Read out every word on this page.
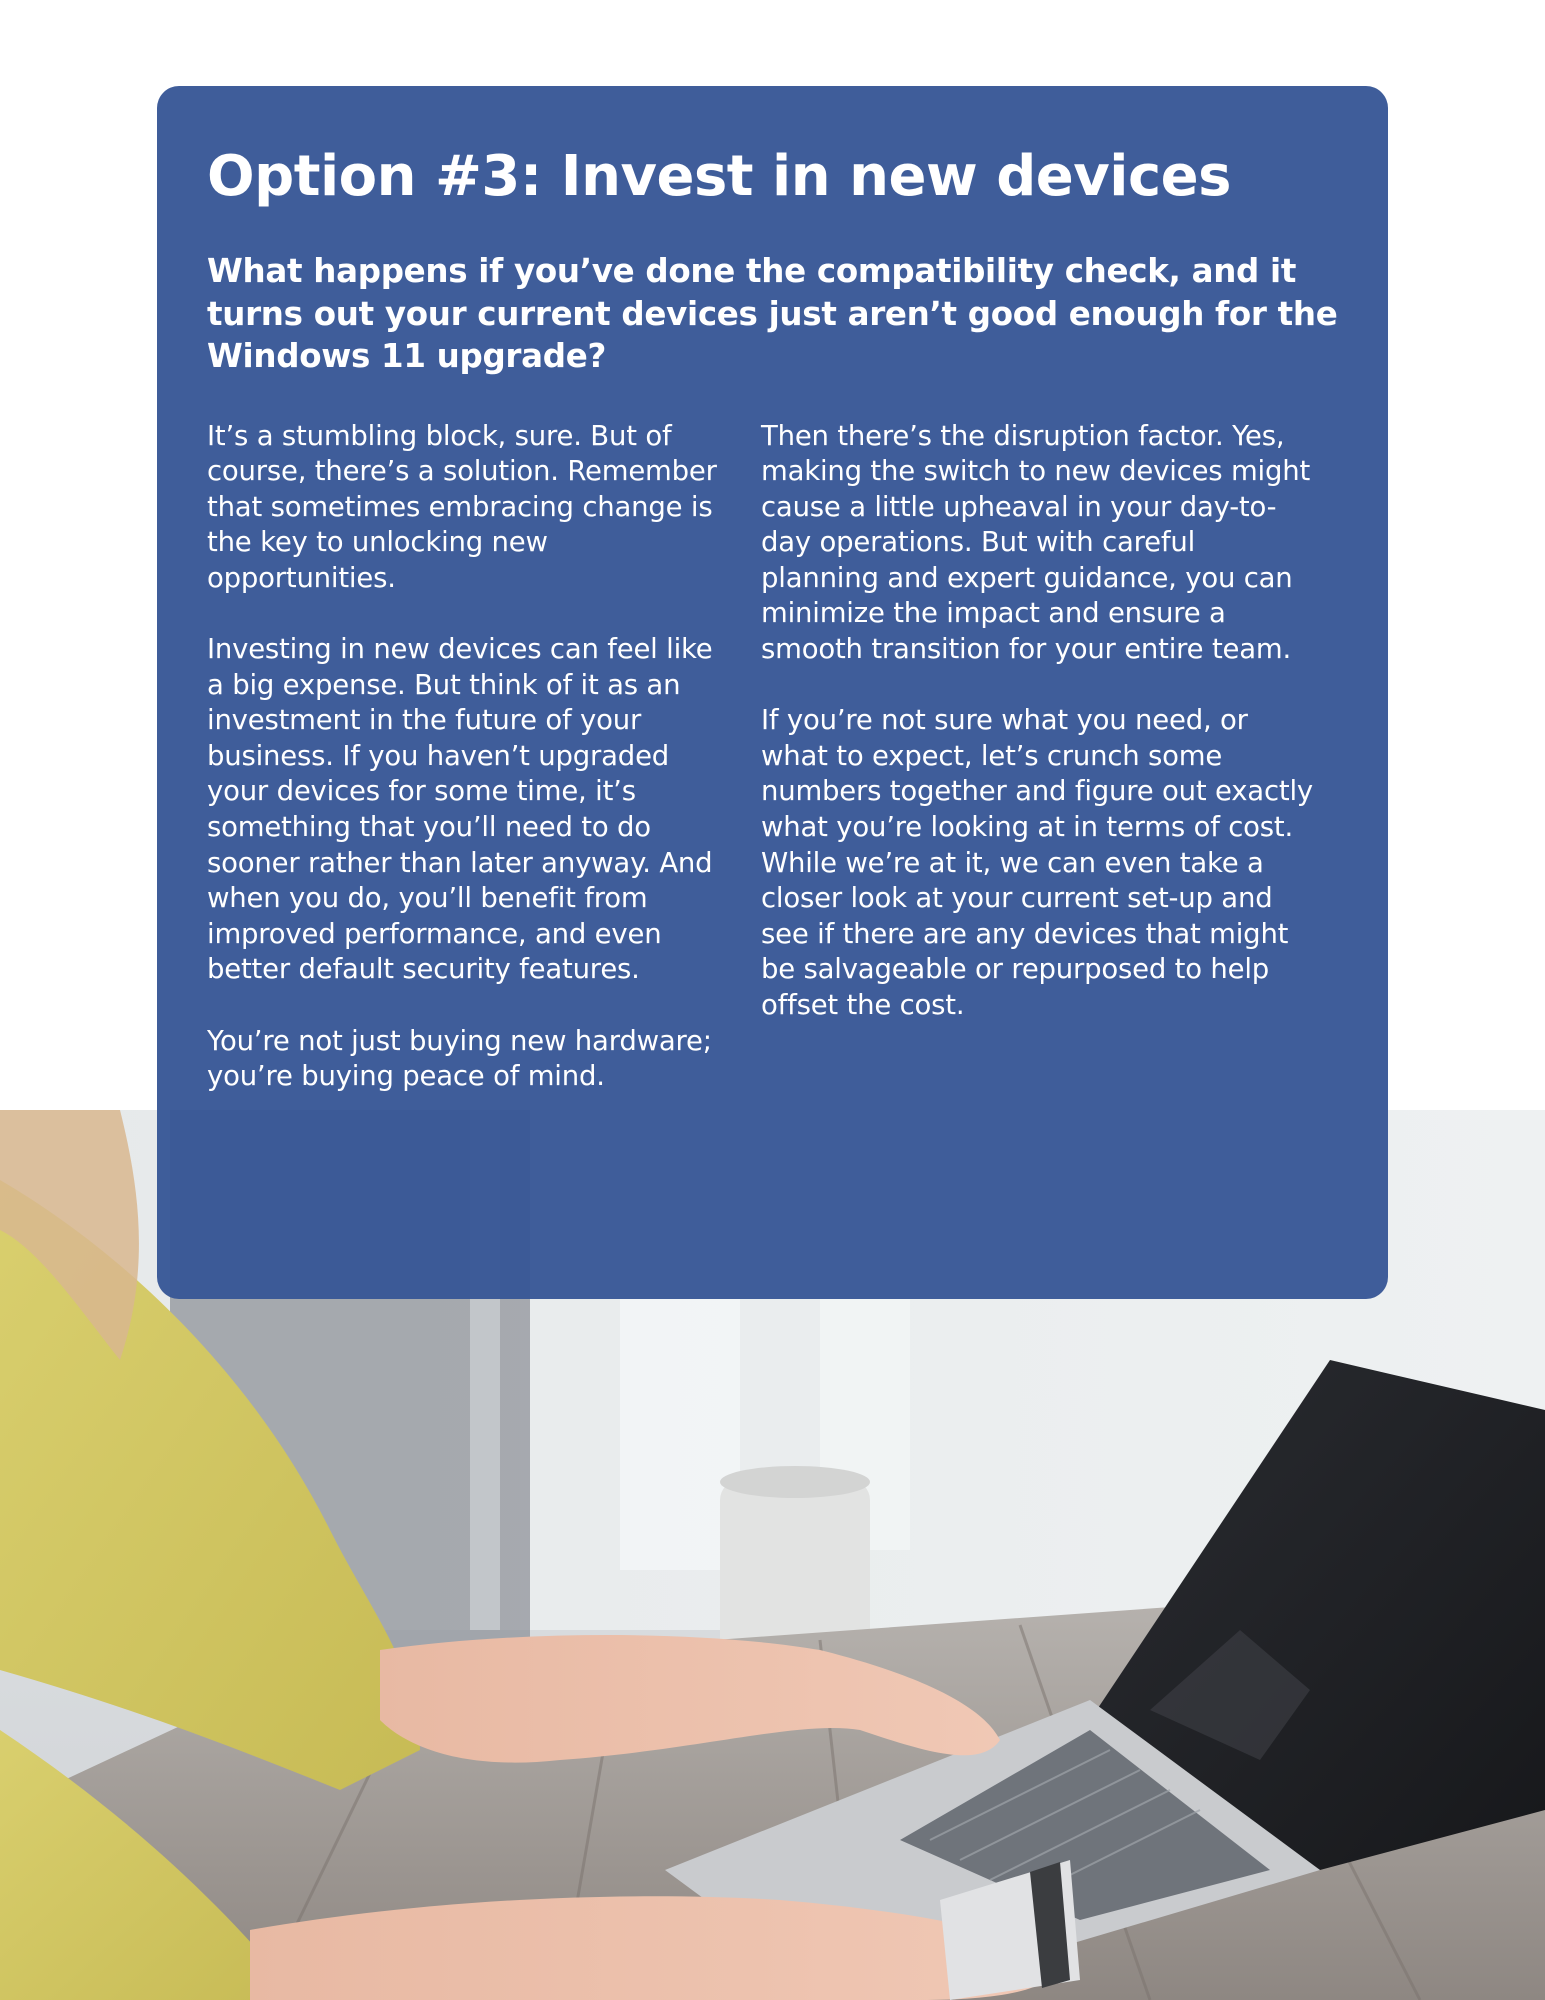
Option #3: Invest in new devices
What happens if you’ve done the compatibility check, and it turns out your current devices just aren’t good enough for the Windows 11 upgrade?

It’s a stumbling block, sure. But of course, there’s a solution. Remember that sometimes embracing change is the key to unlocking new opportunities.

Investing in new devices can feel like a big expense. But think of it as an investment in the future of your business. If you haven’t upgraded your devices for some time, it’s something that you’ll need to do sooner rather than later anyway. And when you do, you’ll benefit from improved performance, and even better default security features.

You’re not just buying new hardware; you’re buying peace of mind.

Then there’s the disruption factor. Yes, making the switch to new devices might cause a little upheaval in your day-to-day operations. But with careful planning and expert guidance, you can minimize the impact and ensure a smooth transition for your entire team.

If you’re not sure what you need, or what to expect, let’s crunch some numbers together and figure out exactly what you’re looking at in terms of cost. While we’re at it, we can even take a closer look at your current set-up and see if there are any devices that might be salvageable or repurposed to help offset the cost.
